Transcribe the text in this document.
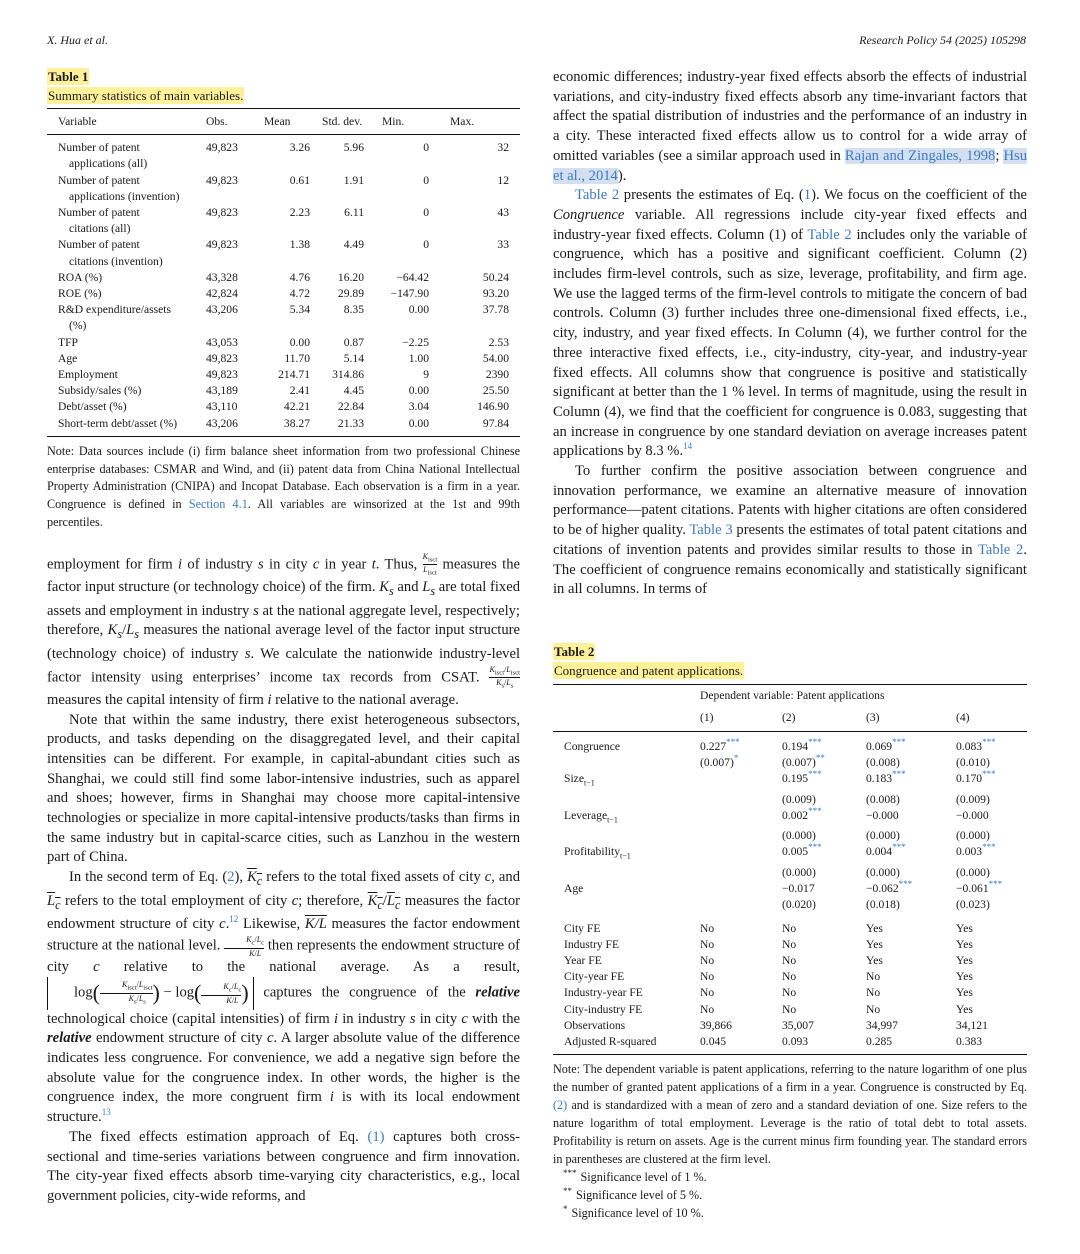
X. Hua et al.	Research Policy 54 (2025) 105298
Table 1
Summary statistics of main variables.
Variable	Obs.	Mean	Std. dev.	Min.	Max.
Number of patent
applications (all)	49,823	3.26	5.96	0	32
Number of patent
applications (invention)	49,823	0.61	1.91	0	12
Number of patent
citations (all)	49,823	2.23	6.11	0	43
Number of patent
citations (invention)	49,823	1.38	4.49	0	33
ROA (%)	43,328	4.76	16.20	−64.42	50.24
ROE (%)	42,824	4.72	29.89	−147.90	93.20
R&D expenditure/assets
(%)	43,206	5.34	8.35	0.00	37.78
TFP	43,053	0.00	0.87	−2.25	2.53
Age	49,823	11.70	5.14	1.00	54.00
Employment	49,823	214.71	314.86	9	2390
Subsidy/sales (%)	43,189	2.41	4.45	0.00	25.50
Debt/asset (%)	43,110	42.21	22.84	3.04	146.90
Short-term debt/asset (%)	43,206	38.27	21.33	0.00	97.84
Note: Data sources include (i) firm balance sheet information from two professional Chinese enterprise databases: CSMAR and Wind, and (ii) patent data from China National Intellectual Property Administration (CNIPA) and Incopat Database. Each observation is a firm in a year. Congruence is defined in Section 4.1. All variables are winsorized at the 1st and 99th percentiles.

employment for firm i of industry s in city c in year t. Thus, $\frac{K_{isct}}{L_{isct}}$ measures the factor input structure (or technology choice) of the firm. $K_s$ and $L_s$ are total fixed assets and employment in industry s at the national aggregate level, respectively; therefore, $K_s/L_s$ measures the national average level of the factor input structure (technology choice) of industry s. We calculate the nationwide industry-level factor intensity using enterprises’ income tax records from CSAT. $\frac{K_{isct}/L_{isct}}{K_s/L_s}$
measures the capital intensity of firm i relative to the national average.

Note that within the same industry, there exist heterogeneous subsectors, products, and tasks depending on the disaggregated level, and their capital intensities can be different. For example, in capital-abundant cities such as Shanghai, we could still find some labor-intensive industries, such as apparel and shoes; however, firms in Shanghai may choose more capital-intensive technologies or specialize in more capital-intensive products/tasks than firms in the same industry but in capital-scarce cities, such as Lanzhou in the western part of China.

In the second term of Eq. (2), $K_c$ refers to the total fixed assets of city c, and $L_c$ refers to the total employment of city c; therefore, $K_c/L_c$ measures the factor endowment structure of city c.$^{12}$ Likewise, K/L measures the factor endowment structure at the national level. $\frac{K_c/L_c}{K/L}$ then represents the endowment structure of city c relative to the national average. As a result, $\log( \frac{K_{isct}/L_{isct}}{K_s/L_s}$ ) − $\log( \frac{K_c/L_c}{K/L}$ ) captures the congruence of the relative technological choice (capital intensities) of firm i in industry s in city c with the relative endowment structure of city c. A larger absolute value of the difference indicates less congruence. For convenience, we add a negative sign before the absolute value for the congruence index. In other words, the higher is the congruence index, the more congruent firm i is with its local endowment structure.$^{13}$

The fixed effects estimation approach of Eq. (1) captures both cross-sectional and time-series variations between congruence and firm innovation. The city-year fixed effects absorb time-varying city characteristics, e.g., local government policies, city-wide reforms, and

economic differences; industry-year fixed effects absorb the effects of industrial variations, and city-industry fixed effects absorb any time-invariant factors that affect the spatial distribution of industries and the performance of an industry in a city. These interacted fixed effects allow us to control for a wide array of omitted variables (see a similar approach used in Rajan and Zingales, 1998; Hsu et al., 2014).

Table 2 presents the estimates of Eq. (1). We focus on the coefficient of the Congruence variable. All regressions include city-year fixed effects and industry-year fixed effects. Column (1) of Table 2 includes only the variable of congruence, which has a positive and significant coefficient. Column (2) includes firm-level controls, such as size, leverage, profitability, and firm age. We use the lagged terms of the firm-level controls to mitigate the concern of bad controls. Column (3) further includes three one-dimensional fixed effects, i.e., city, industry, and year fixed effects. In Column (4), we further control for the three interactive fixed effects, i.e., city-industry, city-year, and industry-year fixed effects. All columns show that congruence is positive and statistically significant at better than the 1 % level. In terms of magnitude, using the result in Column (4), we find that the coefficient for congruence is 0.083, suggesting that an increase in congruence by one standard deviation on average increases patent applications by 8.3 %.$^{14}$

To further confirm the positive association between congruence and innovation performance, we examine an alternative measure of innovation performance—patent citations. Patents with higher citations are often considered to be of higher quality. Table 3 presents the estimates of total patent citations and citations of invention patents and provides similar results to those in Table 2. The coefficient of congruence remains economically and statistically significant in all columns. In terms of

Table 2
Congruence and patent applications.
	Dependent variable: Patent applications			
	(1)	(2)	(3)	(4)
Congruence	0.227***	0.194***	0.069***	0.083***
	(0.007)*	(0.007)**	(0.008)	(0.010)
Size$_{t-1}$		0.195***	0.183***	0.170***
		(0.009)	(0.008)	(0.009)
Leverage$_{t-1}$		0.002***	−0.000	−0.000
		(0.000)	(0.000)	(0.000)
Profitability$_{t-1}$		0.005***	0.004***	0.003***
		(0.000)	(0.000)	(0.000)
Age		−0.017	−0.062***	−0.061***
		(0.020)	(0.018)	(0.023)
City FE	No	No	Yes	Yes
Industry FE	No	No	Yes	Yes
Year FE	No	No	Yes	Yes
City-year FE	No	No	No	Yes
Industry-year FE	No	No	No	Yes
City-industry FE	No	No	No	Yes
Observations	39,866	35,007	34,997	34,121
Adjusted R-squared	0.045	0.093	0.285	0.383
Note: The dependent variable is patent applications, referring to the nature logarithm of one plus the number of granted patent applications of a firm in a year. Congruence is constructed by Eq. (2) and is standardized with a mean of zero and a standard deviation of one. Size refers to the nature logarithm of total employment. Leverage is the ratio of total debt to total assets. Profitability is return on assets. Age is the current minus firm founding year. The standard errors in parentheses are clustered at the firm level.
*** Significance level of 1 %.
** Significance level of 5 %.
* Significance level of 10 %.
